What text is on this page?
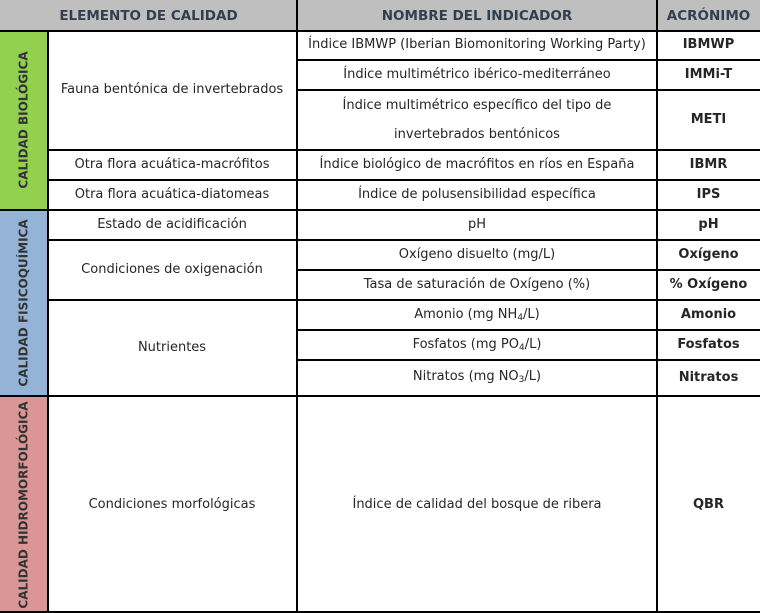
ELEMENTO DE CALIDAD	NOMBRE DEL INDICADOR	ACRÓNIMO
CALIDAD BIOLÓGICA
CALIDAD FISICOQUÍMICA
CALIDAD HIDROMORFOLÓGICA
Fauna bentónica de invertebrados
Otra flora acuática-macrófitos
Otra flora acuática-diatomeas
Estado de acidificación
Condiciones de oxigenación
Nutrientes
Condiciones morfológicas
Índice IBMWP (Iberian Biomonitoring Working Party)
Índice multimétrico ibérico-mediterráneo
Índice multimétrico específico del tipo de
invertebrados bentónicos
Índice biológico de macrófitos en ríos en España
Índice de polusensibilidad específica
pH
Oxígeno disuelto (mg/L)
Tasa de saturación de Oxígeno (%)
Amonio (mg $NH_4/L$)
Fosfatos (mg $PO_4/L$)
Nitratos (mg $NO_3/L$)
Índice de calidad del bosque de ribera
IBMWP
IMMi-T
METI
IBMR
IPS
pH
Oxígeno
% Oxígeno
Amonio
Fosfatos
Nitratos
QBR
